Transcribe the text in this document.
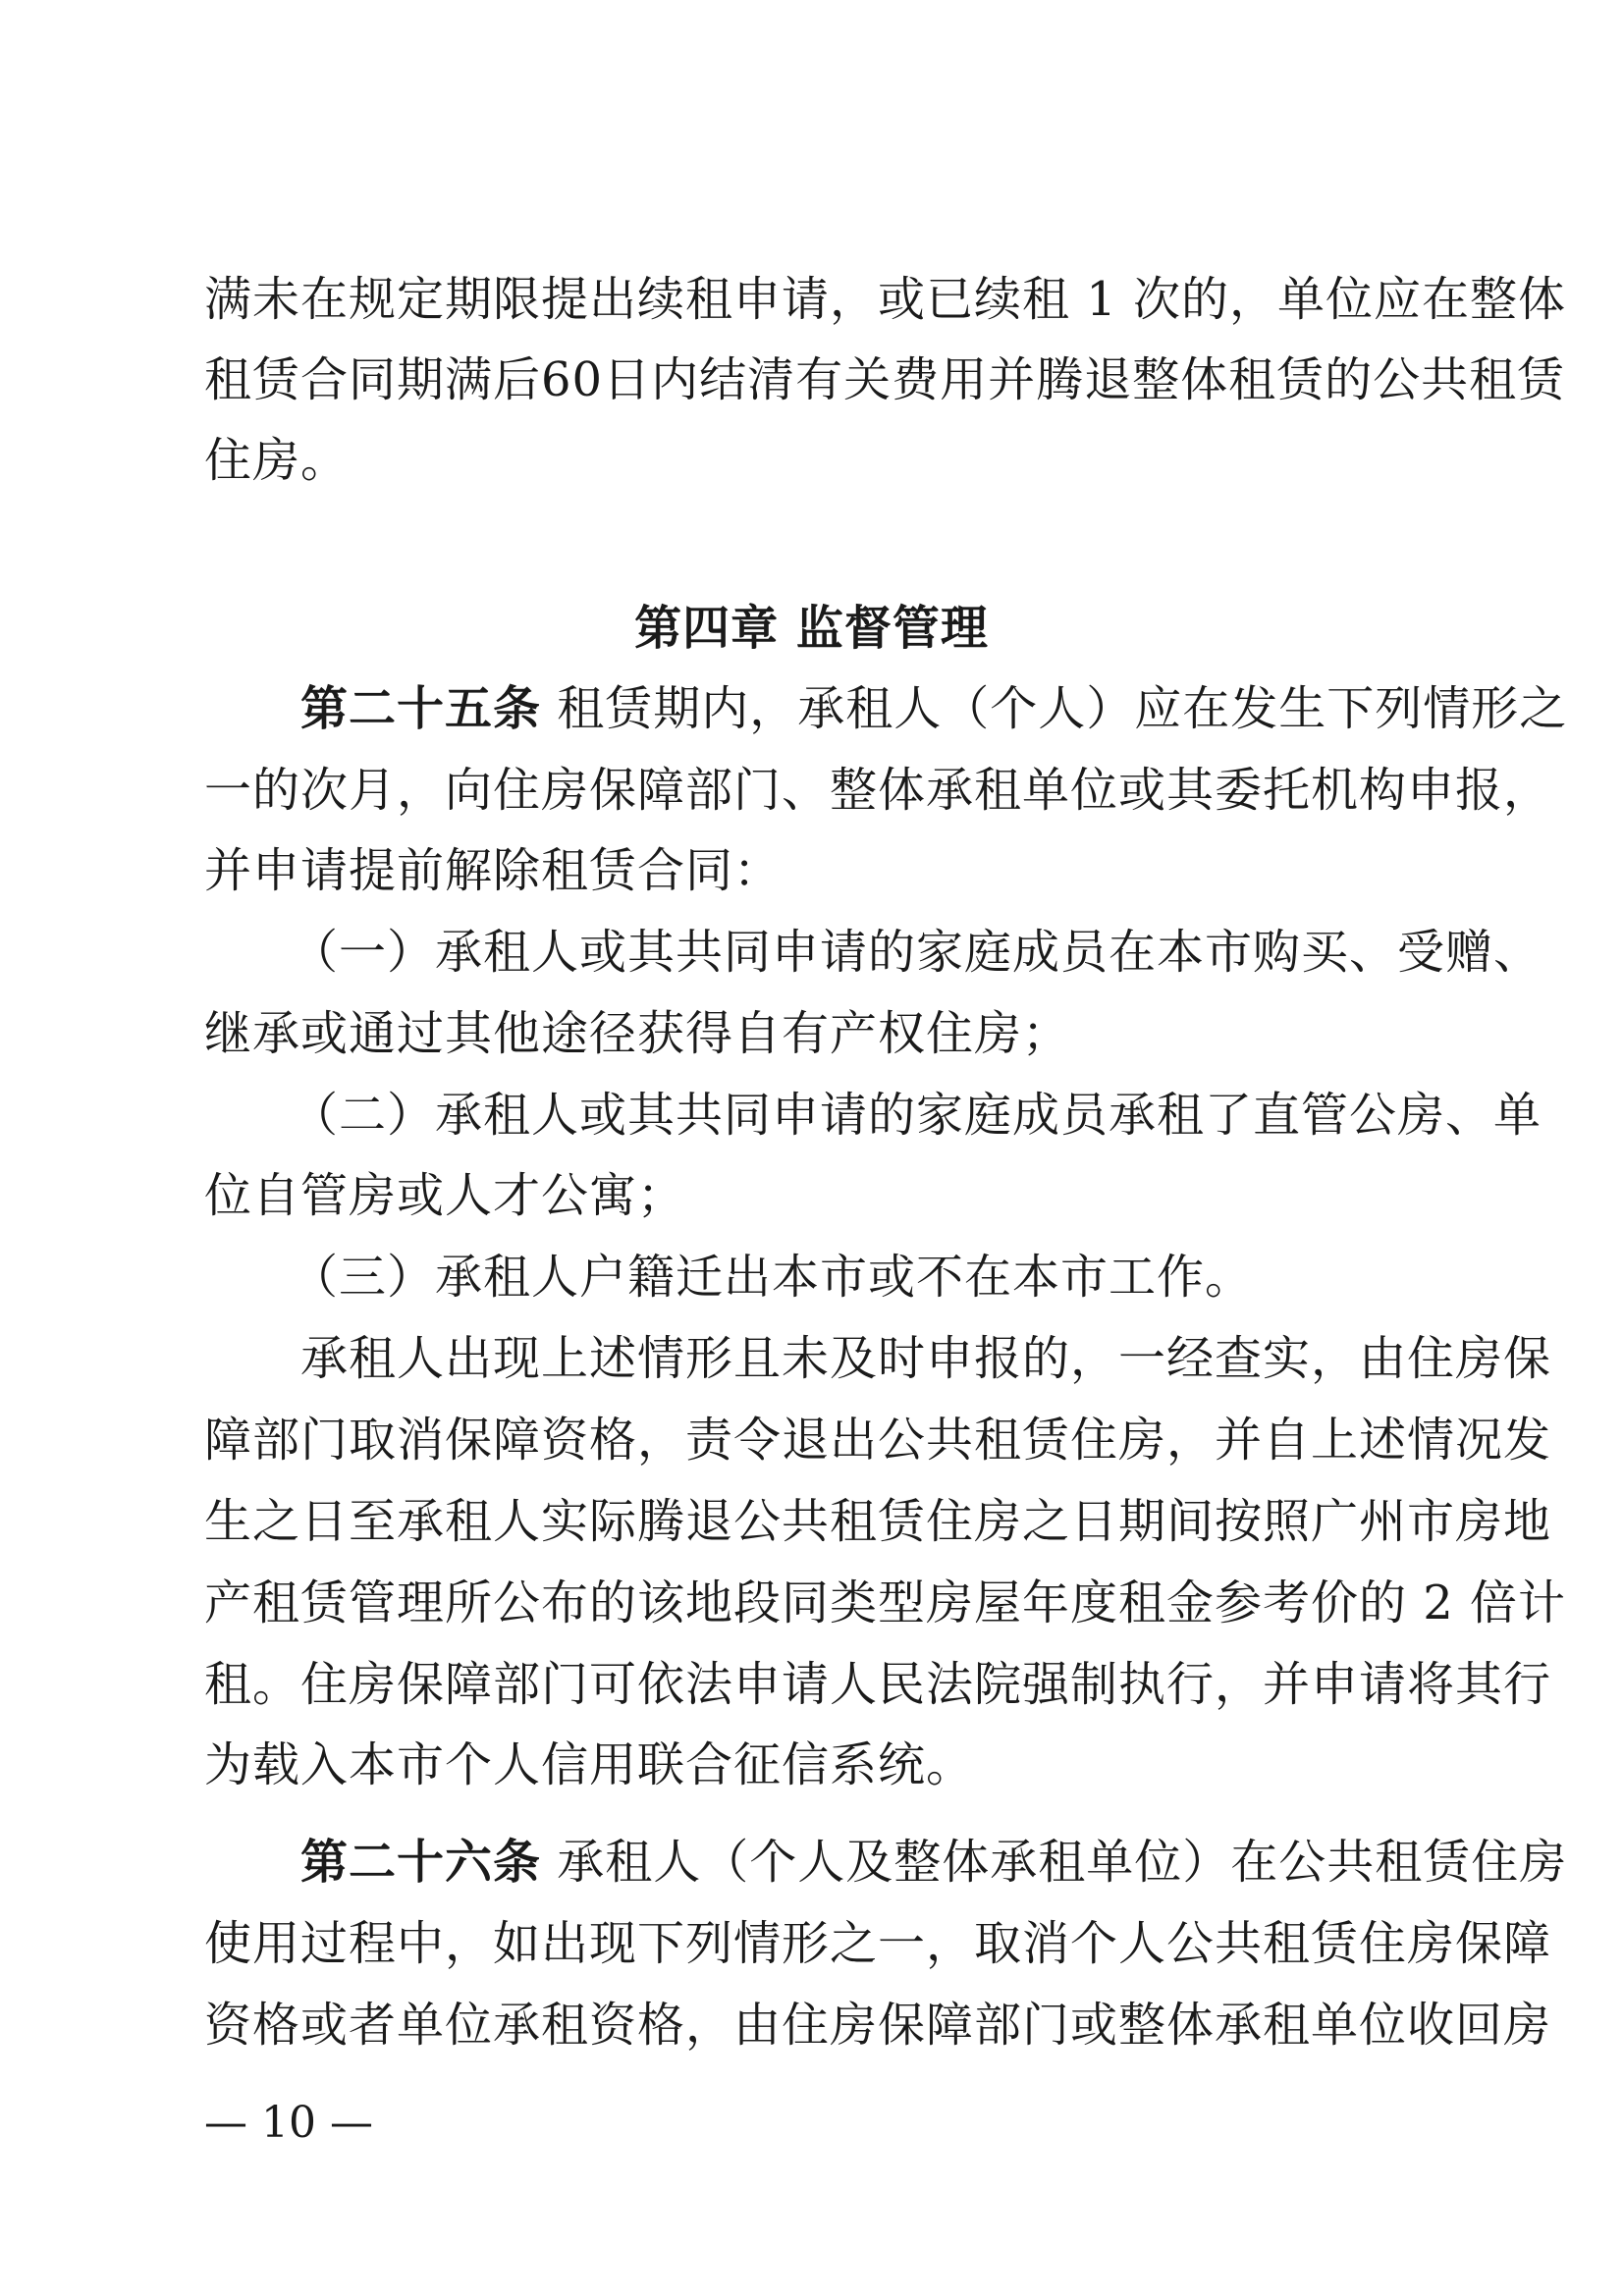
满未在规定期限提出续租申请，或已续租 1 次的，单位应在整体
租赁合同期满后60日内结清有关费用并腾退整体租赁的公共租赁
住房。
第四章 监督管理
第二十五条 租赁期内，承租人（个人）应在发生下列情形之
一的次月，向住房保障部门、整体承租单位或其委托机构申报，
并申请提前解除租赁合同：
（一）承租人或其共同申请的家庭成员在本市购买、受赠、
继承或通过其他途径获得自有产权住房；
（二）承租人或其共同申请的家庭成员承租了直管公房、单
位自管房或人才公寓；
（三）承租人户籍迁出本市或不在本市工作。
承租人出现上述情形且未及时申报的，一经查实，由住房保
障部门取消保障资格，责令退出公共租赁住房，并自上述情况发
生之日至承租人实际腾退公共租赁住房之日期间按照广州市房地
产租赁管理所公布的该地段同类型房屋年度租金参考价的 2 倍计
租。住房保障部门可依法申请人民法院强制执行，并申请将其行
为载入本市个人信用联合征信系统。
第二十六条 承租人（个人及整体承租单位）在公共租赁住房
使用过程中，如出现下列情形之一，取消个人公共租赁住房保障
资格或者单位承租资格，由住房保障部门或整体承租单位收回房
— 10 —
